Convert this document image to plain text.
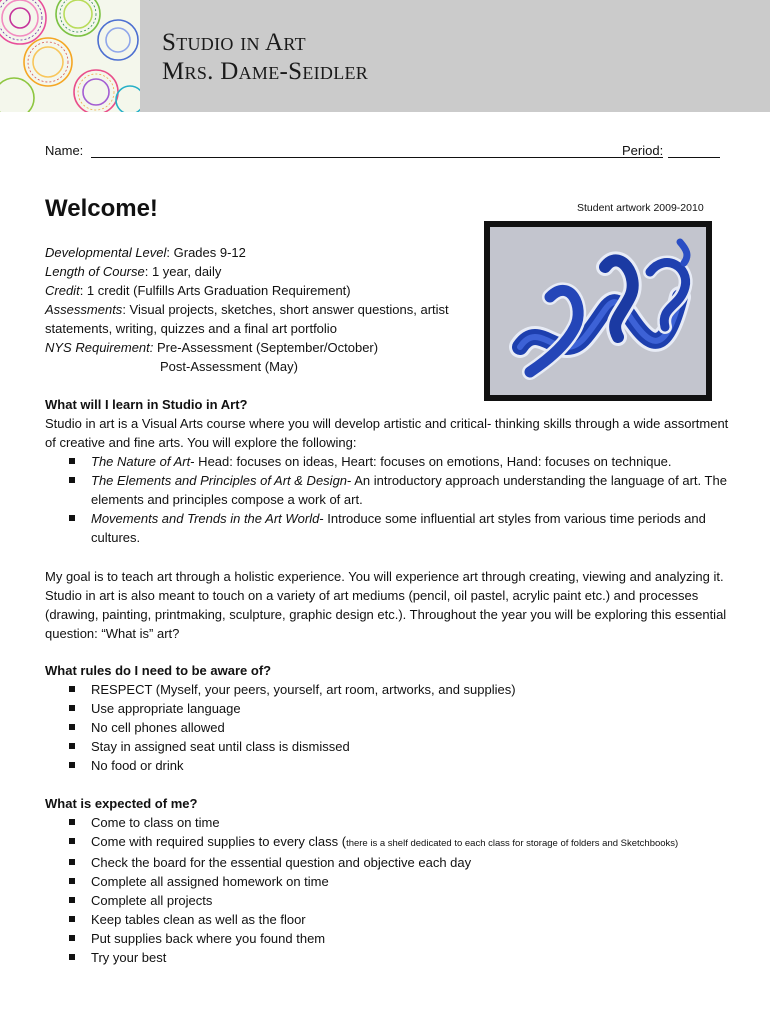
Studio in Art
Mrs. Dame-Seidler
Name:	Period:
Welcome!	Student artwork 2009-2010

Developmental Level: Grades 9-12

Length of Course: 1 year, daily

Credit: 1 credit (Fulfills Arts Graduation Requirement)

Assessments: Visual projects, sketches, short answer questions, artist statements, writing, quizzes and a final art portfolio

NYS Requirement: Pre-Assessment (September/October)

Post-Assessment (May)

What will I learn in Studio in Art?

Studio in art is a Visual Arts course where you will develop artistic and critical- thinking skills through a wide assortment of creative and fine arts. You will explore the following:

The Nature of Art- Head: focuses on ideas, Heart: focuses on emotions, Hand: focuses on technique.
The Elements and Principles of Art & Design- An introductory approach understanding the language of art. The elements and principles compose a work of art.
Movements and Trends in the Art World- Introduce some influential art styles from various time periods and cultures.

My goal is to teach art through a holistic experience. You will experience art through creating, viewing and analyzing it. Studio in art is also meant to touch on a variety of art mediums (pencil, oil pastel, acrylic paint etc.) and processes (drawing, painting, printmaking, sculpture, graphic design etc.). Throughout the year you will be exploring this essential question: “What is” art?

What rules do I need to be aware of?
RESPECT (Myself, your peers, yourself, art room, artworks, and supplies)
Use appropriate language
No cell phones allowed
Stay in assigned seat until class is dismissed
No food or drink
What is expected of me?
Come to class on time
Come with required supplies to every class (there is a shelf dedicated to each class for storage of folders and Sketchbooks)
Check the board for the essential question and objective each day
Complete all assigned homework on time
Complete all projects
Keep tables clean as well as the floor
Put supplies back where you found them
Try your best
